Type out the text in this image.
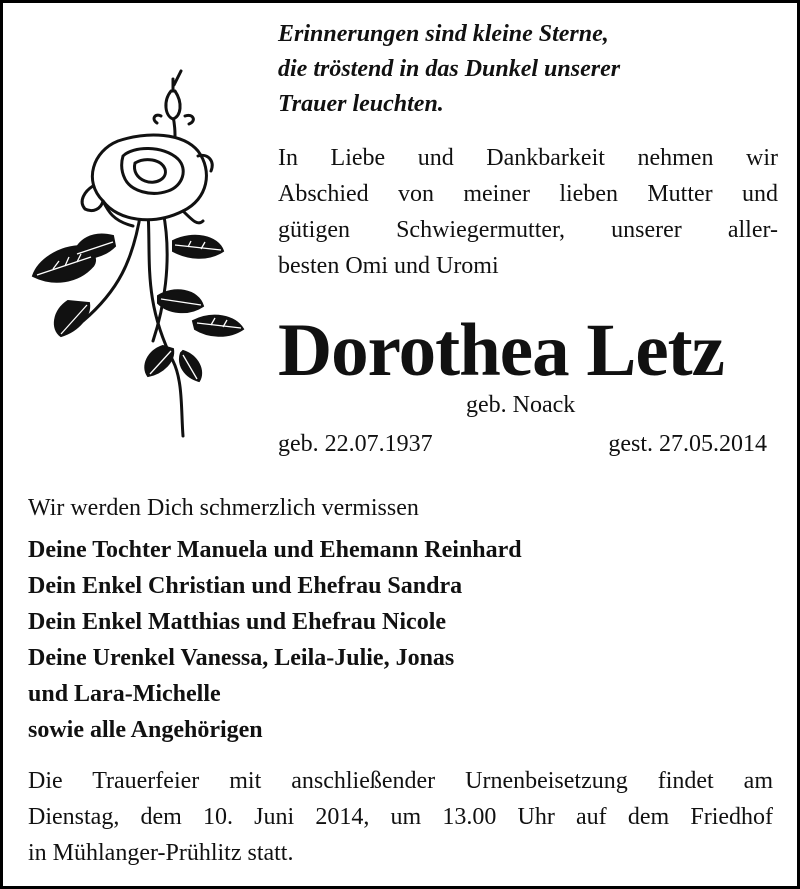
Erinnerungen sind kleine Sterne,
die tröstend in das Dunkel unserer
Trauer leuchten.
In Liebe und Dankbarkeit nehmen wir
Abschied von meiner lieben Mutter und
gütigen Schwiegermutter, unserer aller-
besten Omi und Uromi
Dorothea Letz
geb. Noack
geb. 22.07.1937	gest. 27.05.2014
Wir werden Dich schmerzlich vermissen
Deine Tochter Manuela und Ehemann Reinhard
Dein Enkel Christian und Ehefrau Sandra
Dein Enkel Matthias und Ehefrau Nicole
Deine Urenkel Vanessa, Leila-Julie, Jonas
und Lara-Michelle
sowie alle Angehörigen
Die Trauerfeier mit anschließender Urnenbeisetzung findet am
Dienstag, dem 10. Juni 2014, um 13.00 Uhr auf dem Friedhof
in Mühlanger-Prühlitz statt.
